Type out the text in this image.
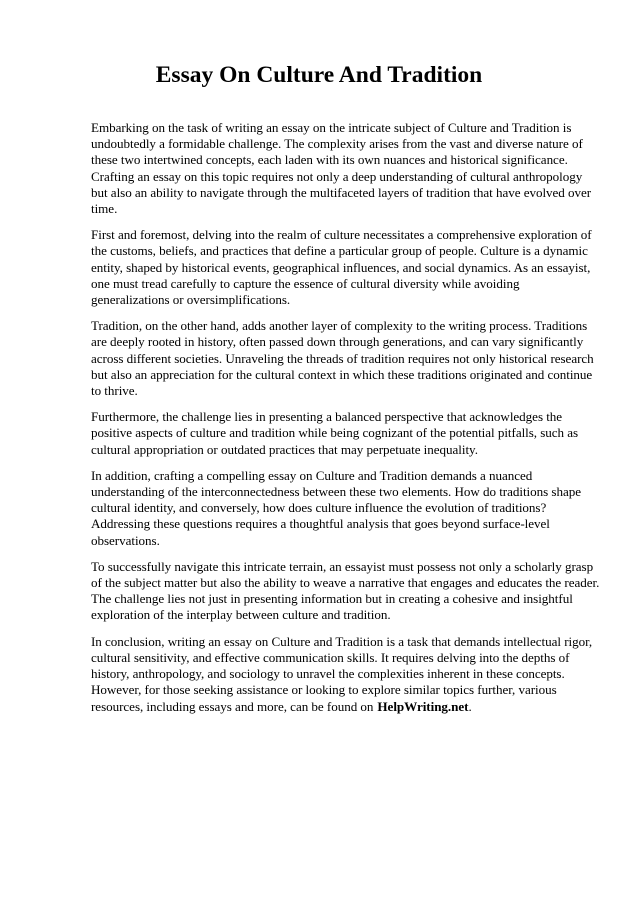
Essay On Culture And Tradition

Embarking on the task of writing an essay on the intricate subject of Culture and Tradition is undoubtedly a formidable challenge. The complexity arises from the vast and diverse nature of these two intertwined concepts, each laden with its own nuances and historical significance. Crafting an essay on this topic requires not only a deep understanding of cultural anthropology but also an ability to navigate through the multifaceted layers of tradition that have evolved over time.

First and foremost, delving into the realm of culture necessitates a comprehensive exploration of the customs, beliefs, and practices that define a particular group of people. Culture is a dynamic entity, shaped by historical events, geographical influences, and social dynamics. As an essayist, one must tread carefully to capture the essence of cultural diversity while avoiding generalizations or oversimplifications.

Tradition, on the other hand, adds another layer of complexity to the writing process. Traditions are deeply rooted in history, often passed down through generations, and can vary significantly across different societies. Unraveling the threads of tradition requires not only historical research but also an appreciation for the cultural context in which these traditions originated and continue to thrive.

Furthermore, the challenge lies in presenting a balanced perspective that acknowledges the positive aspects of culture and tradition while being cognizant of the potential pitfalls, such as cultural appropriation or outdated practices that may perpetuate inequality.

In addition, crafting a compelling essay on Culture and Tradition demands a nuanced understanding of the interconnectedness between these two elements. How do traditions shape cultural identity, and conversely, how does culture influence the evolution of traditions? Addressing these questions requires a thoughtful analysis that goes beyond surface-level observations.

To successfully navigate this intricate terrain, an essayist must possess not only a scholarly grasp of the subject matter but also the ability to weave a narrative that engages and educates the reader. The challenge lies not just in presenting information but in creating a cohesive and insightful exploration of the interplay between culture and tradition.

In conclusion, writing an essay on Culture and Tradition is a task that demands intellectual rigor, cultural sensitivity, and effective communication skills. It requires delving into the depths of history, anthropology, and sociology to unravel the complexities inherent in these concepts. However, for those seeking assistance or looking to explore similar topics further, various resources, including essays and more, can be found on HelpWriting.net.
